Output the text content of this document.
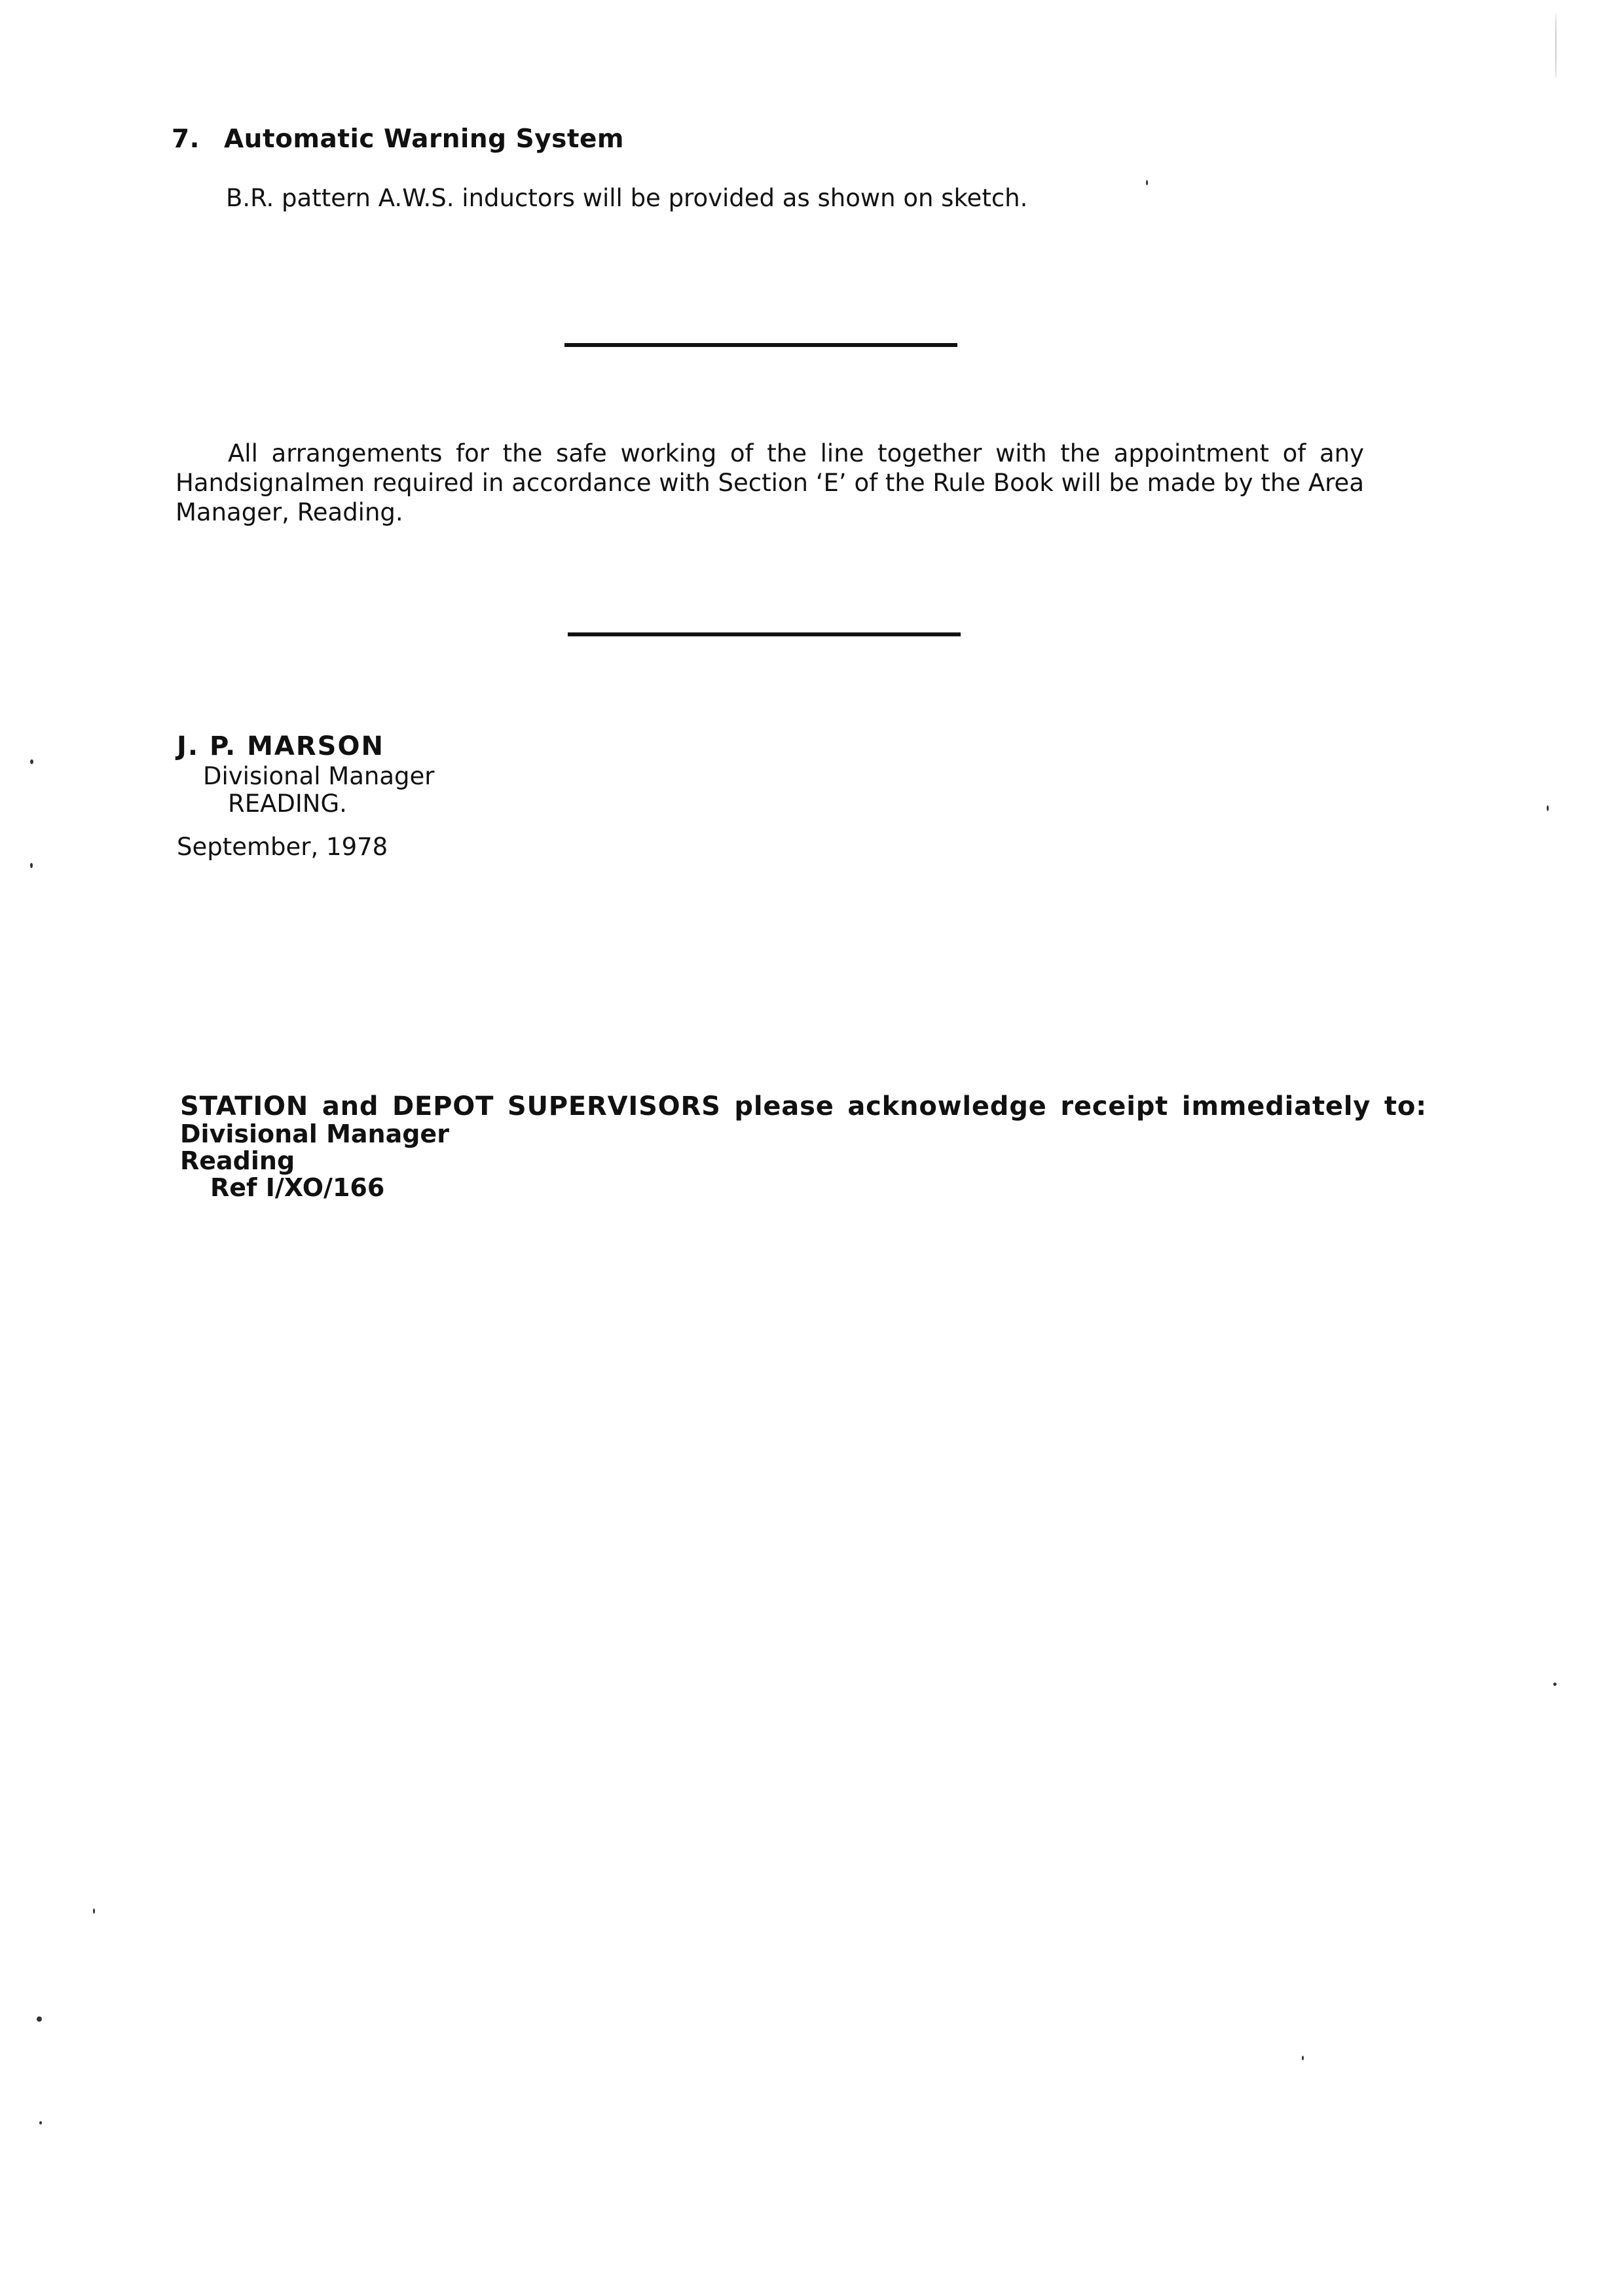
7. Automatic Warning System
B.R. pattern A.W.S. inductors will be provided as shown on sketch.
All arrangements for the safe working of the line together with the appointment of any Handsignalmen required in accordance with Section ‘E’ of the Rule Book will be made by the Area Manager, Reading.
J. P. MARSON
Divisional Manager
READING.
September, 1978
STATION and DEPOT SUPERVISORS please acknowledge receipt immediately to:
Divisional Manager
Reading
Ref I/XO/166
